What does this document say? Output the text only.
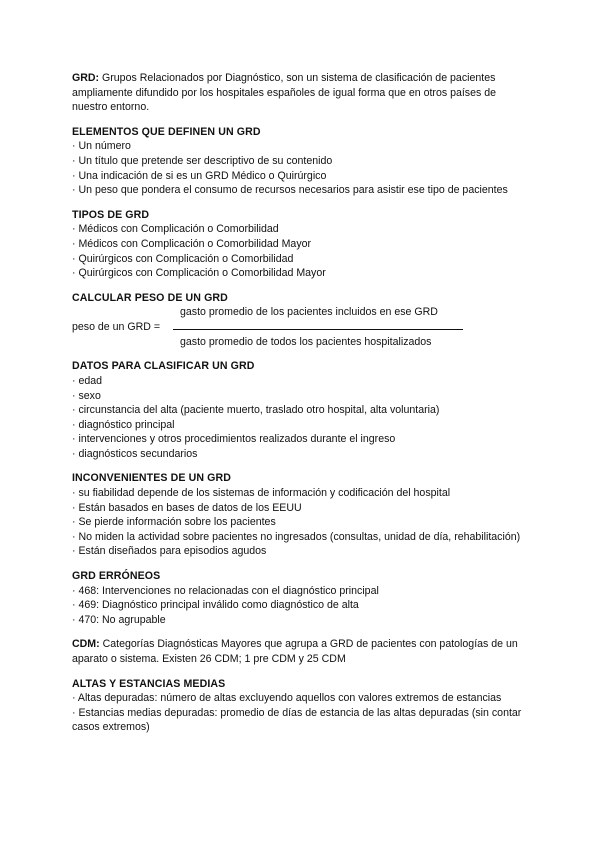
GRD: Grupos Relacionados por Diagnóstico, son un sistema de clasificación de pacientes ampliamente difundido por los hospitales españoles de igual forma que en otros países de nuestro entorno.

ELEMENTOS QUE DEFINEN UN GRD

· Un número

· Un título que pretende ser descriptivo de su contenido

· Una indicación de si es un GRD Médico o Quirúrgico

· Un peso que pondera el consumo de recursos necesarios para asistir ese tipo de pacientes

TIPOS DE GRD

· Médicos con Complicación o Comorbilidad

· Médicos con Complicación o Comorbilidad Mayor

· Quirúrgicos con Complicación o Comorbilidad

· Quirúrgicos con Complicación o Comorbilidad Mayor

CALCULAR PESO DE UN GRD

gasto promedio de los pacientes incluidos en ese GRD
peso de un GRD =
gasto promedio de todos los pacientes hospitalizados

DATOS PARA CLASIFICAR UN GRD

· edad

· sexo

· circunstancia del alta (paciente muerto, traslado otro hospital, alta voluntaria)

· diagnóstico principal

· intervenciones y otros procedimientos realizados durante el ingreso

· diagnósticos secundarios

INCONVENIENTES DE UN GRD

· su fiabilidad depende de los sistemas de información y codificación del hospital

· Están basados en bases de datos de los EEUU

· Se pierde información sobre los pacientes

· No miden la actividad sobre pacientes no ingresados (consultas, unidad de día, rehabilitación)

· Están diseñados para episodios agudos

GRD ERRÓNEOS

· 468: Intervenciones no relacionadas con el diagnóstico principal

· 469: Diagnóstico principal inválido como diagnóstico de alta

· 470: No agrupable

CDM: Categorías Diagnósticas Mayores que agrupa a GRD de pacientes con patologías de un aparato o sistema. Existen 26 CDM; 1 pre CDM y 25 CDM

ALTAS Y ESTANCIAS MEDIAS

· Altas depuradas: número de altas excluyendo aquellos con valores extremos de estancias

· Estancias medias depuradas: promedio de días de estancia de las altas depuradas (sin contar casos extremos)
